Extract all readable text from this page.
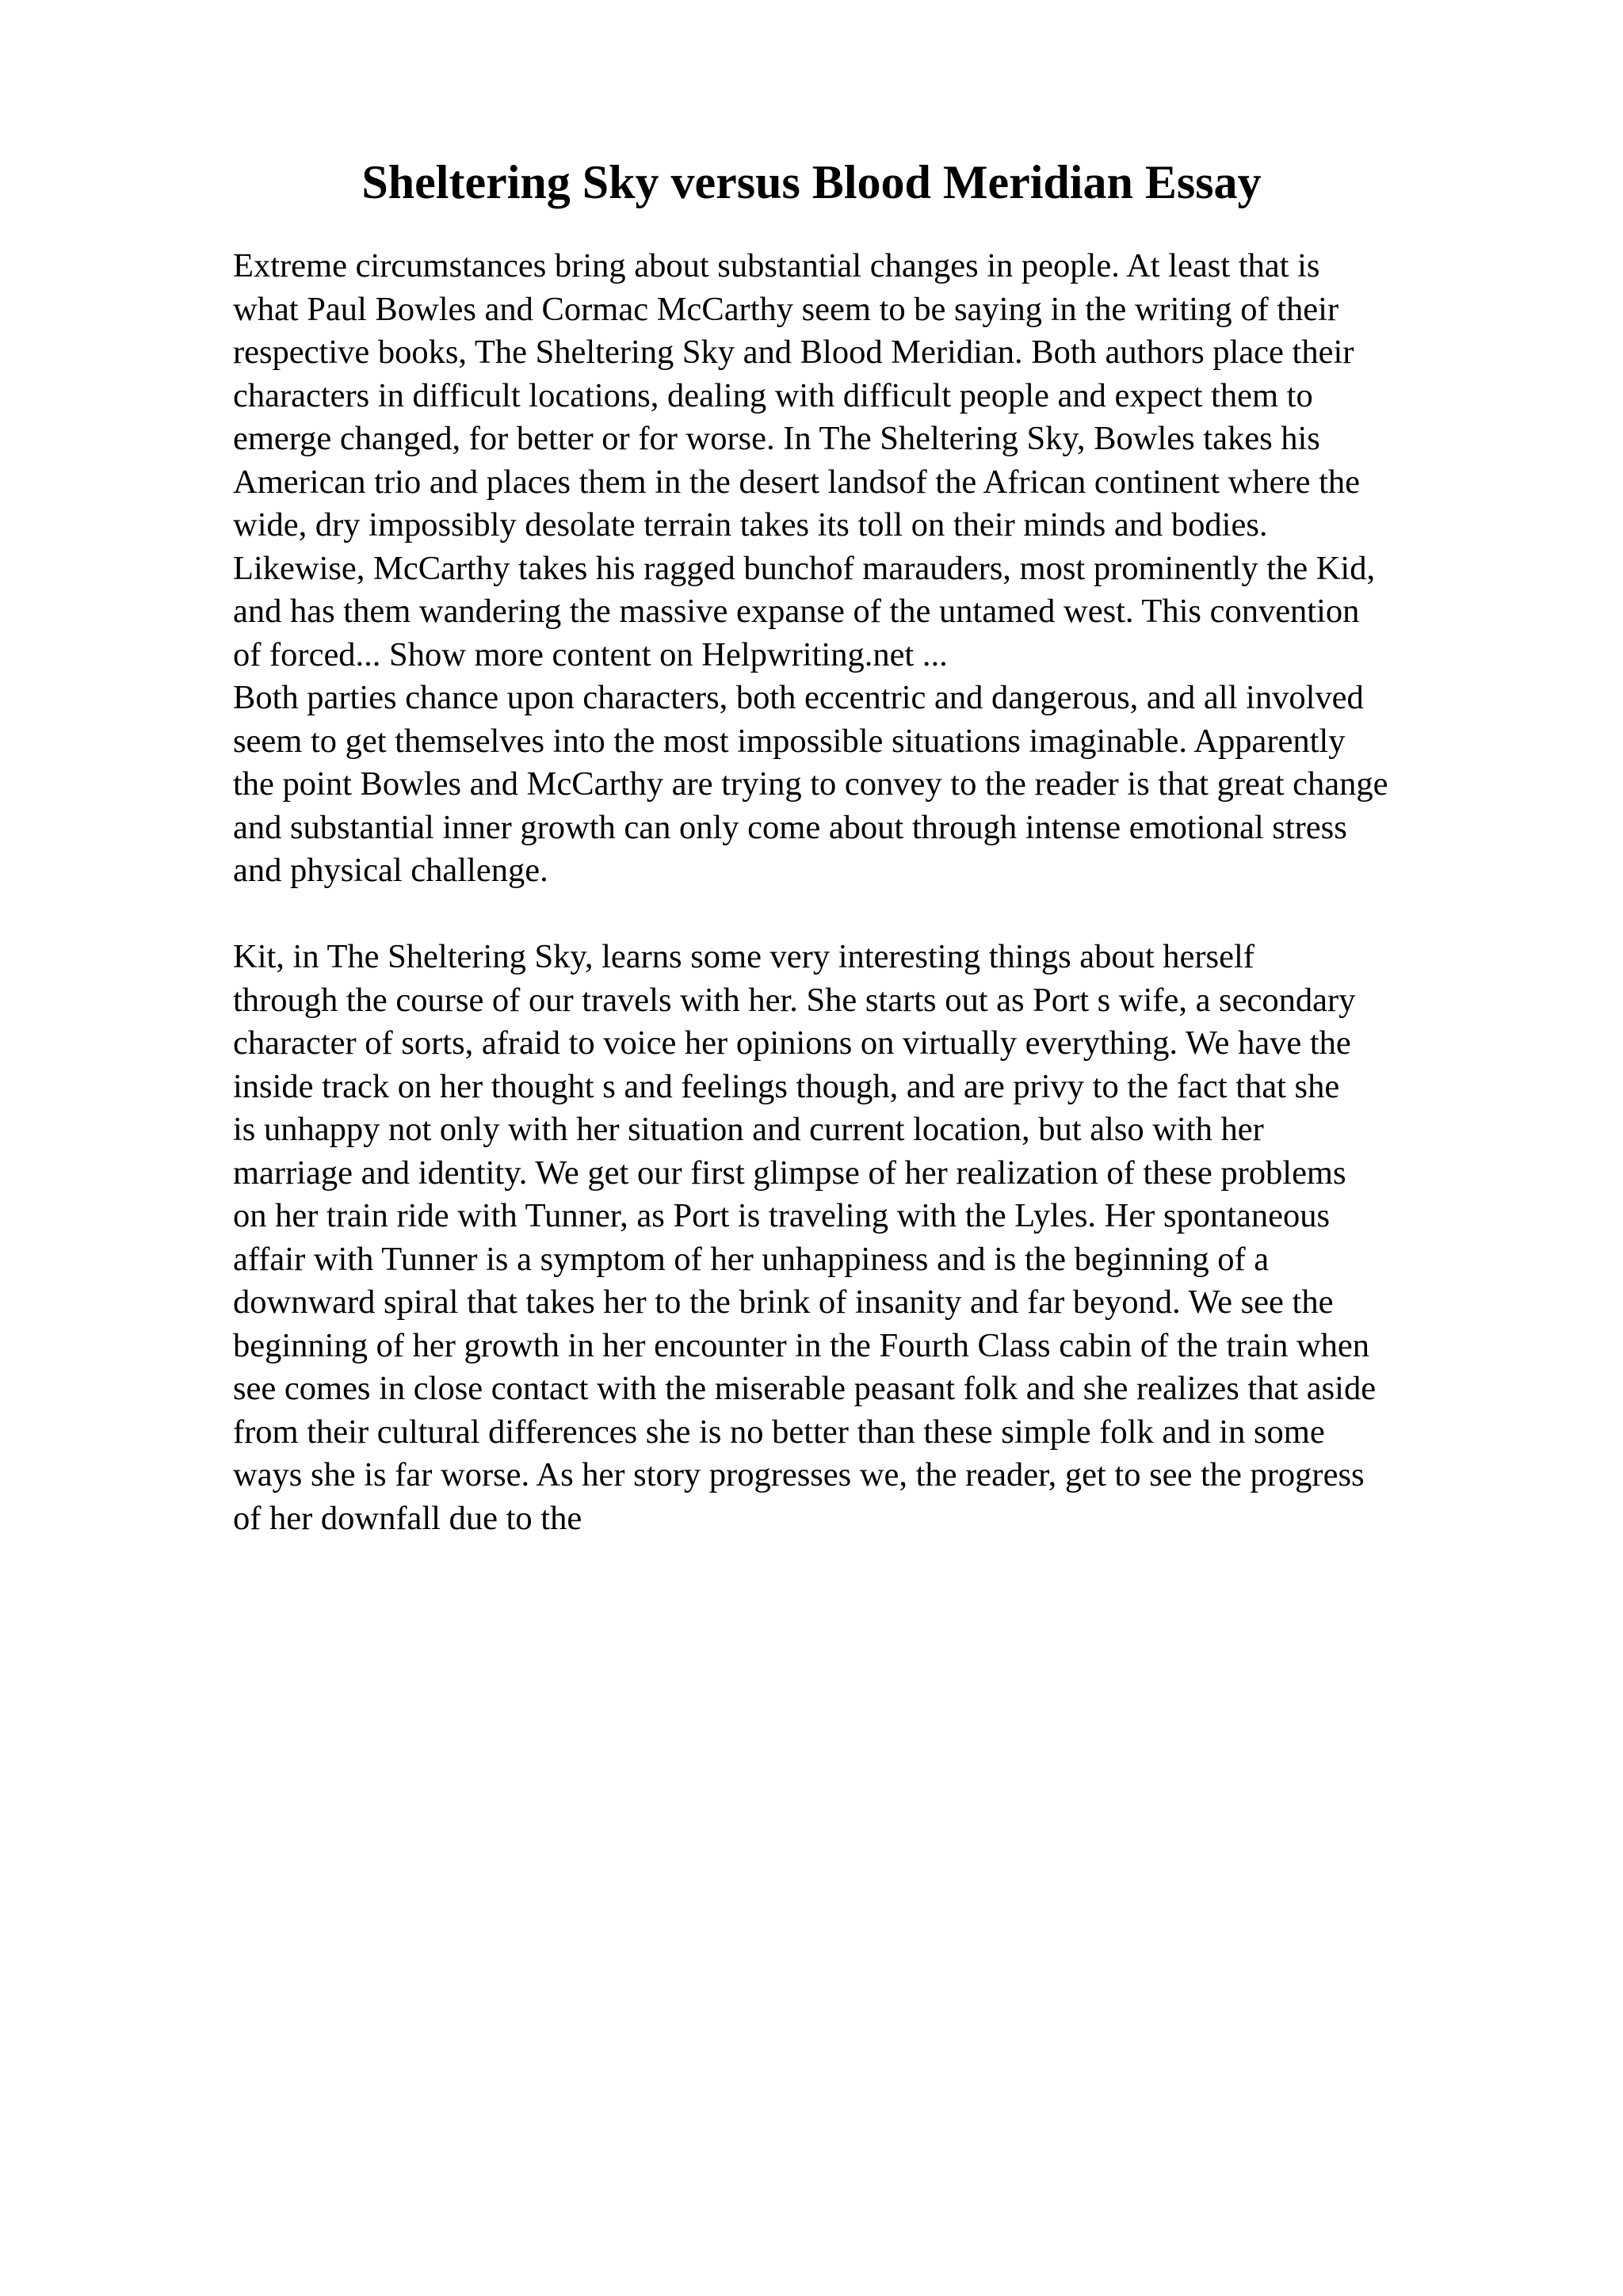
Sheltering Sky versus Blood Meridian Essay
Extreme circumstances bring about substantial changes in people. At least that is
what Paul Bowles and Cormac McCarthy seem to be saying in the writing of their
respective books, The Sheltering Sky and Blood Meridian. Both authors place their
characters in difficult locations, dealing with difficult people and expect them to
emerge changed, for better or for worse. In The Sheltering Sky, Bowles takes his
American trio and places them in the desert landsof the African continent where the
wide, dry impossibly desolate terrain takes its toll on their minds and bodies.
Likewise, McCarthy takes his ragged bunchof marauders, most prominently the Kid,
and has them wandering the massive expanse of the untamed west. This convention
of forced... Show more content on Helpwriting.net ...
Both parties chance upon characters, both eccentric and dangerous, and all involved
seem to get themselves into the most impossible situations imaginable. Apparently
the point Bowles and McCarthy are trying to convey to the reader is that great change
and substantial inner growth can only come about through intense emotional stress
and physical challenge.
Kit, in The Sheltering Sky, learns some very interesting things about herself
through the course of our travels with her. She starts out as Port s wife, a secondary
character of sorts, afraid to voice her opinions on virtually everything. We have the
inside track on her thought s and feelings though, and are privy to the fact that she
is unhappy not only with her situation and current location, but also with her
marriage and identity. We get our first glimpse of her realization of these problems
on her train ride with Tunner, as Port is traveling with the Lyles. Her spontaneous
affair with Tunner is a symptom of her unhappiness and is the beginning of a
downward spiral that takes her to the brink of insanity and far beyond. We see the
beginning of her growth in her encounter in the Fourth Class cabin of the train when
see comes in close contact with the miserable peasant folk and she realizes that aside
from their cultural differences she is no better than these simple folk and in some
ways she is far worse. As her story progresses we, the reader, get to see the progress
of her downfall due to the
